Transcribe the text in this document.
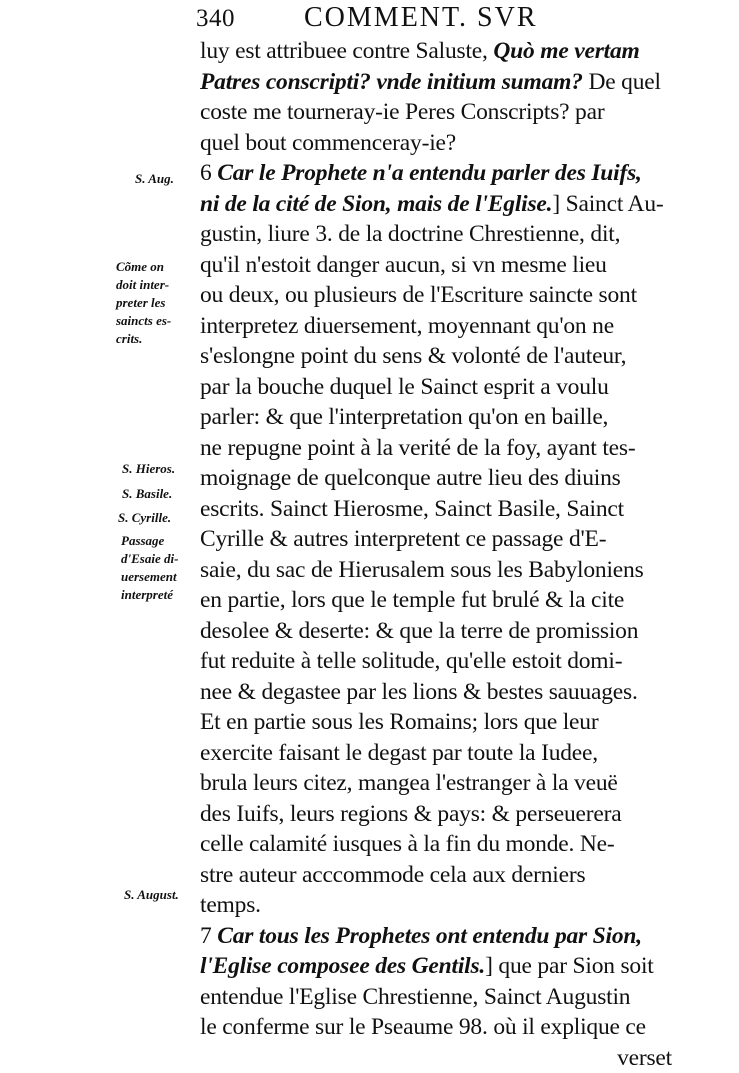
340 COMMENT. SVR
luy est attribuee contre Saluste, Quò me vertam
Patres conscripti? vnde initium sumam? De quel
coste me tourneray-ie Peres Conscripts? par
quel bout commenceray-ie?
6 Car le Prophete n'a entendu parler des Iuifs,
ni de la cité de Sion, mais de l'Eglise.] Sainct Au-
gustin, liure 3. de la doctrine Chrestienne, dit,
qu'il n'estoit danger aucun, si vn mesme lieu
ou deux, ou plusieurs de l'Escriture saincte sont
interpretez diuersement, moyennant qu'on ne
s'eslongne point du sens & volonté de l'auteur,
par la bouche duquel le Sainct esprit a voulu
parler: & que l'interpretation qu'on en baille,
ne repugne point à la verité de la foy, ayant tes-
moignage de quelconque autre lieu des diuins
escrits. Sainct Hierosme, Sainct Basile, Sainct
Cyrille & autres interpretent ce passage d'E-
saie, du sac de Hierusalem sous les Babyloniens
en partie, lors que le temple fut brulé & la cite
desolee & deserte: & que la terre de promission
fut reduite à telle solitude, qu'elle estoit domi-
nee & degastee par les lions & bestes sauuages.
Et en partie sous les Romains; lors que leur
exercite faisant le degast par toute la Iudee,
brula leurs citez, mangea l'estranger à la veuë
des Iuifs, leurs regions & pays: & perseuerera
celle calamité iusques à la fin du monde. Ne-
stre auteur acccommode cela aux derniers
temps.
7 Car tous les Prophetes ont entendu par Sion,
l'Eglise composee des Gentils.] que par Sion soit
entendue l'Eglise Chrestienne, Sainct Augustin
le conferme sur le Pseaume 98. où il explique ce
verset
S. Aug.
Cõme on
doit inter-
preter les
saincts es-
crits.
S. Hieros.
S. Basile.
S. Cyrille.
Passage
d'Esaie di-
uersement
interpreté
S. August.
